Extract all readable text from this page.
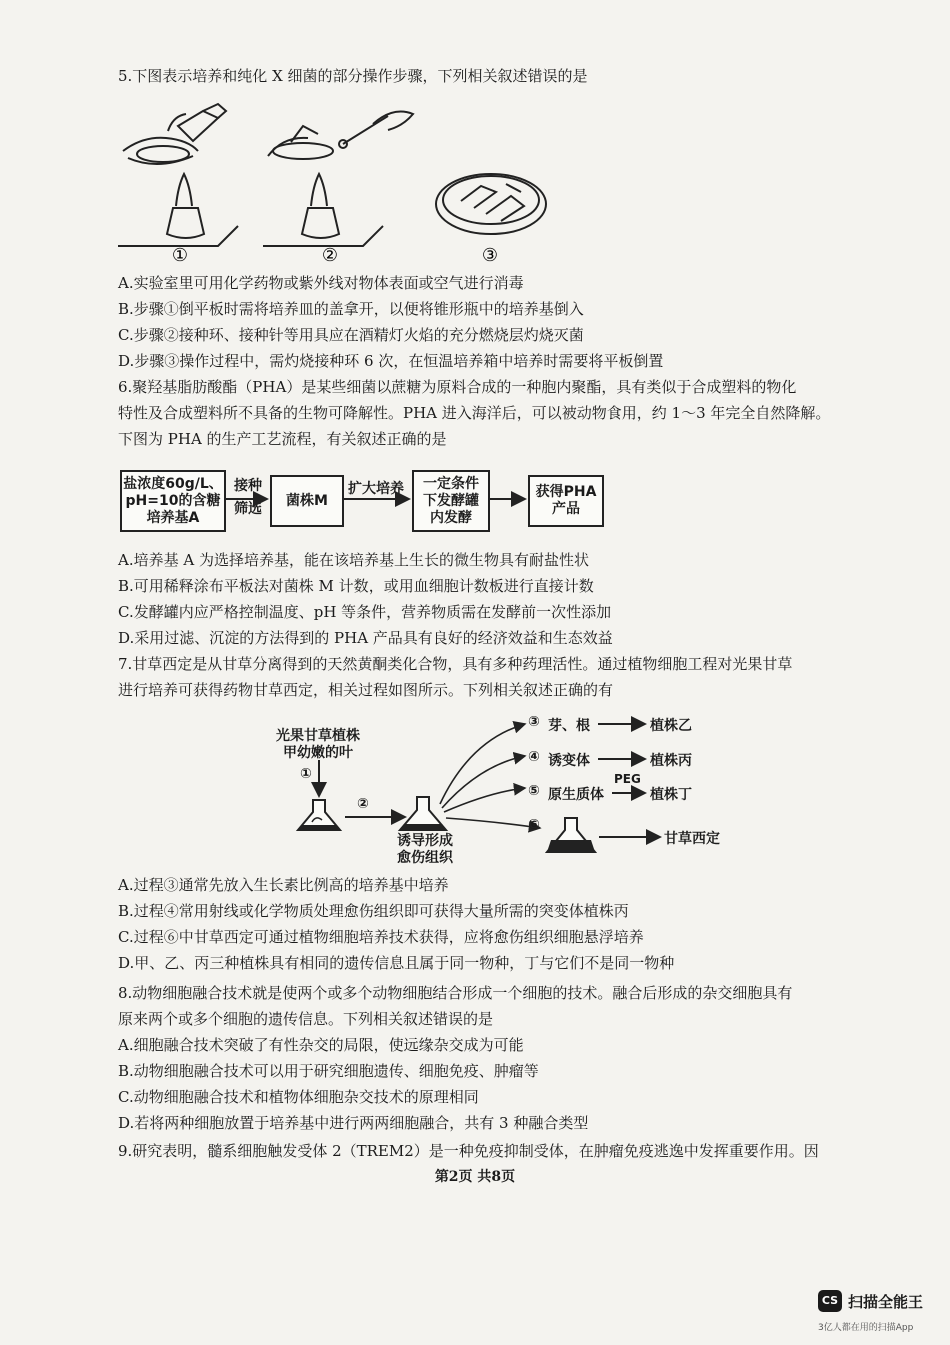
5.下图表示培养和纯化 X 细菌的部分操作步骤，下列相关叙述错误的是
①	②	③
A.实验室里可用化学药物或紫外线对物体表面或空气进行消毒
B.步骤①倒平板时需将培养皿的盖拿开，以便将锥形瓶中的培养基倒入
C.步骤②接种环、接种针等用具应在酒精灯火焰的充分燃烧层灼烧灭菌
D.步骤③操作过程中，需灼烧接种环 6 次，在恒温培养箱中培养时需要将平板倒置
6.聚羟基脂肪酸酯（PHA）是某些细菌以蔗糖为原料合成的一种胞内聚酯，具有类似于合成塑料的物化
特性及合成塑料所不具备的生物可降解性。PHA 进入海洋后，可以被动物食用，约 1～3 年完全自然降解。
下图为 PHA 的生产工艺流程，有关叙述正确的是
盐浓度60g/L、
pH=10的含糖
培养基A
接种
筛选
菌株M
扩大培养	一定条件
下发酵罐
内发酵
获得PHA
产品
A.培养基 A 为选择培养基，能在该培养基上生长的微生物具有耐盐性状
B.可用稀释涂布平板法对菌株 M 计数，或用血细胞计数板进行直接计数
C.发酵罐内应严格控制温度、pH 等条件，营养物质需在发酵前一次性添加
D.采用过滤、沉淀的方法得到的 PHA 产品具有良好的经济效益和生态效益
7.甘草西定是从甘草分离得到的天然黄酮类化合物，具有多种药理活性。通过植物细胞工程对光果甘草
进行培养可获得药物甘草西定，相关过程如图所示。下列相关叙述正确的有
光果甘草植株
甲幼嫩的叶
①
②
诱导形成
愈伤组织
③ 芽、根	植株乙
④ 诱变体	植株丙
⑤ 原生质体
PEG
植株丁
⑥
甘草西定
A.过程③通常先放入生长素比例高的培养基中培养
B.过程④常用射线或化学物质处理愈伤组织即可获得大量所需的突变体植株丙
C.过程⑥中甘草西定可通过植物细胞培养技术获得，应将愈伤组织细胞悬浮培养
D.甲、乙、丙三种植株具有相同的遗传信息且属于同一物种，丁与它们不是同一物种
8.动物细胞融合技术就是使两个或多个动物细胞结合形成一个细胞的技术。融合后形成的杂交细胞具有
原来两个或多个细胞的遗传信息。下列相关叙述错误的是
A.细胞融合技术突破了有性杂交的局限，使远缘杂交成为可能
B.动物细胞融合技术可以用于研究细胞遗传、细胞免疫、肿瘤等
C.动物细胞融合技术和植物体细胞杂交技术的原理相同
D.若将两种细胞放置于培养基中进行两两细胞融合，共有 3 种融合类型
9.研究表明，髓系细胞触发受体 2（TREM2）是一种免疫抑制受体，在肿瘤免疫逃逸中发挥重要作用。因
第2页 共8页
CS 扫描全能王
3亿人都在用的扫描App
